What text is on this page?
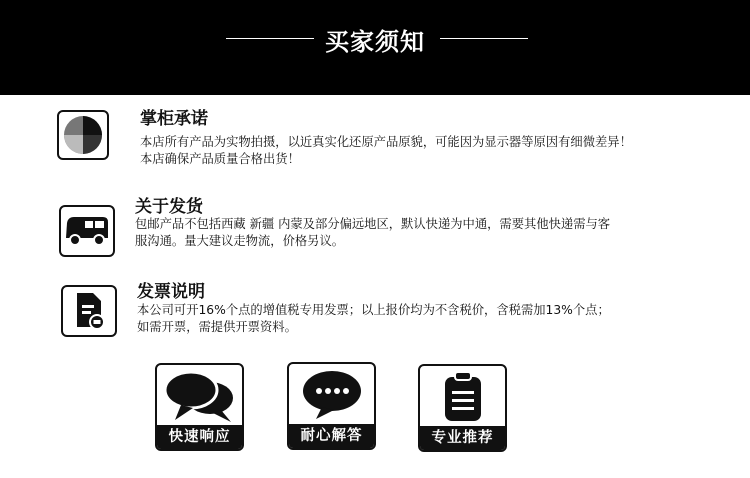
买家须知
掌柜承诺
本店所有产品为实物拍摄，以近真实化还原产品原貌，可能因为显示器等原因有细微差异！
本店确保产品质量合格出货！
关于发货
包邮产品不包括西藏 新疆 内蒙及部分偏远地区，默认快递为中通，需要其他快递需与客
服沟通。量大建议走物流，价格另议。
发票说明
本公司可开16%个点的增值税专用发票；以上报价均为不含税价，含税需加13%个点；
如需开票，需提供开票资料。
快速响应	耐心解答	专业推荐
